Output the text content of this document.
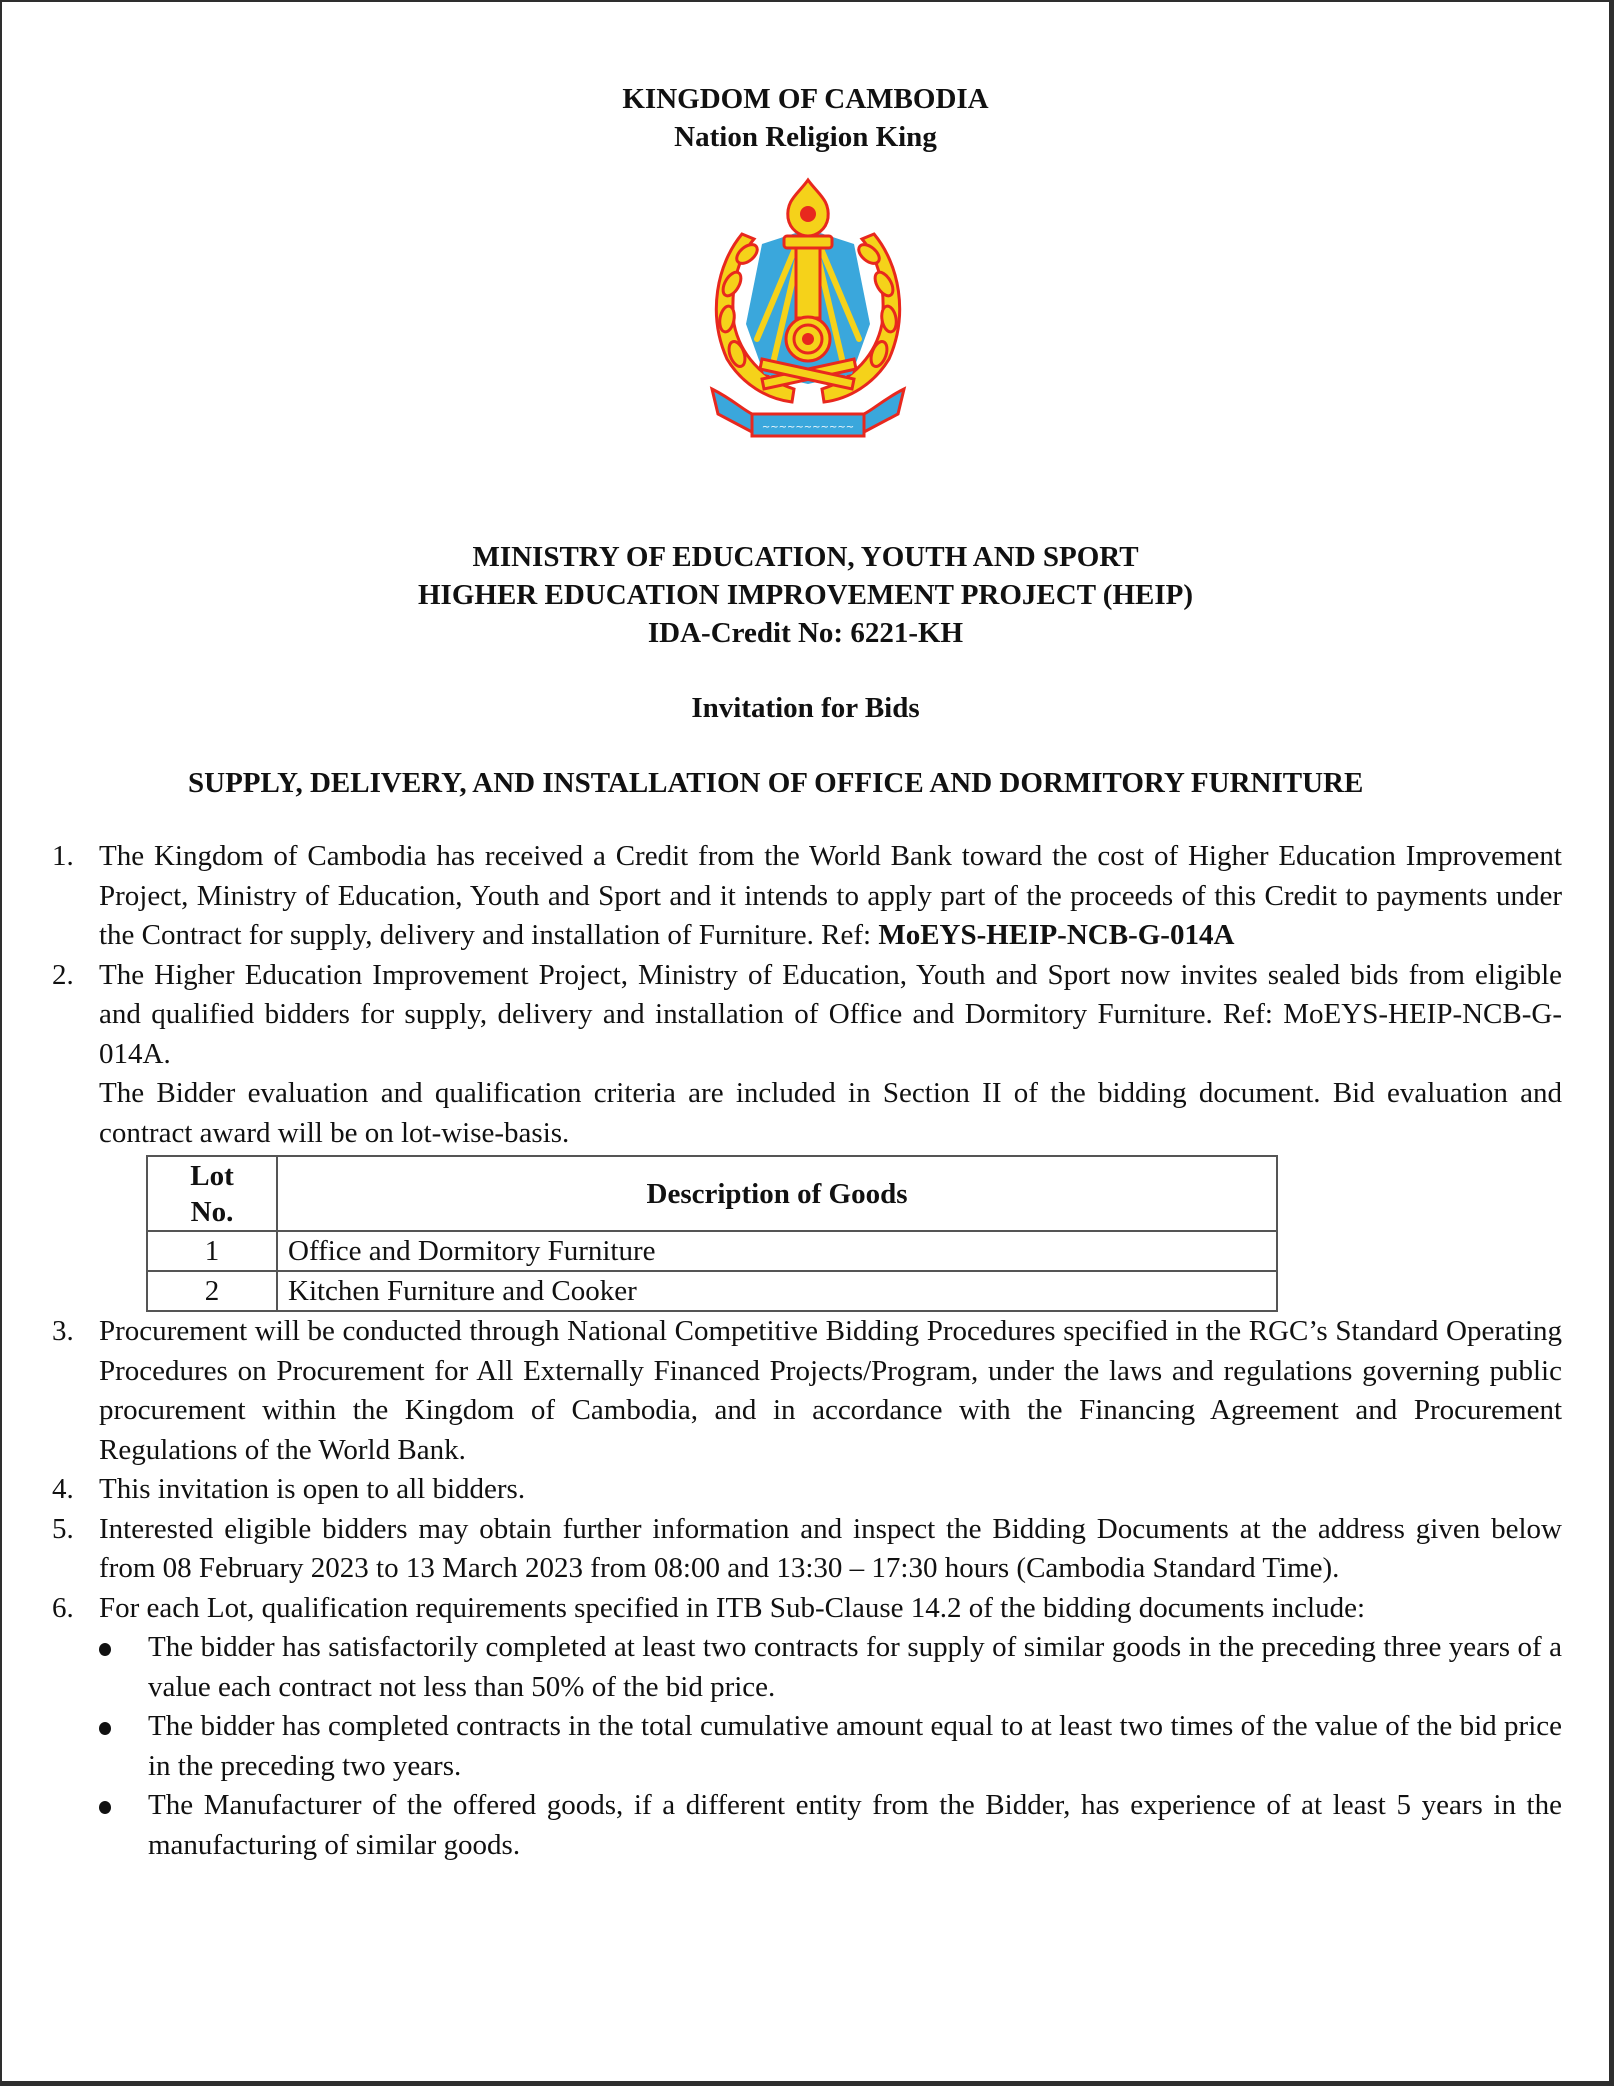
KINGDOM OF CAMBODIA
Nation Religion King
~~~~~~~~~~~
MINISTRY OF EDUCATION, YOUTH AND SPORT
HIGHER EDUCATION IMPROVEMENT PROJECT (HEIP)
IDA-Credit No: 6221-KH
Invitation for Bids
SUPPLY, DELIVERY, AND INSTALLATION OF OFFICE AND DORMITORY FURNITURE
1. The Kingdom of Cambodia has received a Credit from the World Bank toward the cost of Higher Education Improvement Project, Ministry of Education, Youth and Sport and it intends to apply part of the proceeds of this Credit to payments under the Contract for supply, delivery and installation of Furniture. Ref: MoEYS-HEIP-NCB-G-014A
2. The Higher Education Improvement Project, Ministry of Education, Youth and Sport now invites sealed bids from eligible and qualified bidders for supply, delivery and installation of Office and Dormitory Furniture. Ref: MoEYS-HEIP-NCB-G-014A.
The Bidder evaluation and qualification criteria are included in Section II of the bidding document. Bid evaluation and contract award will be on lot-wise-basis.
Lot
No.	Description of Goods
1	Office and Dormitory Furniture
2	Kitchen Furniture and Cooker
3. Procurement will be conducted through National Competitive Bidding Procedures specified in the RGC’s Standard Operating Procedures on Procurement for All Externally Financed Projects/Program, under the laws and regulations governing public procurement within the Kingdom of Cambodia, and in accordance with the Financing Agreement and Procurement Regulations of the World Bank.
4. This invitation is open to all bidders.
5. Interested eligible bidders may obtain further information and inspect the Bidding Documents at the address given below from 08 February 2023 to 13 March 2023 from 08:00 and 13:30 – 17:30 hours (Cambodia Standard Time).
6. For each Lot, qualification requirements specified in ITB Sub-Clause 14.2 of the bidding documents include:
The bidder has satisfactorily completed at least two contracts for supply of similar goods in the preceding three years of a value each contract not less than 50% of the bid price.
The bidder has completed contracts in the total cumulative amount equal to at least two times of the value of the bid price in the preceding two years.
The Manufacturer of the offered goods, if a different entity from the Bidder, has experience of at least 5 years in the manufacturing of similar goods.
